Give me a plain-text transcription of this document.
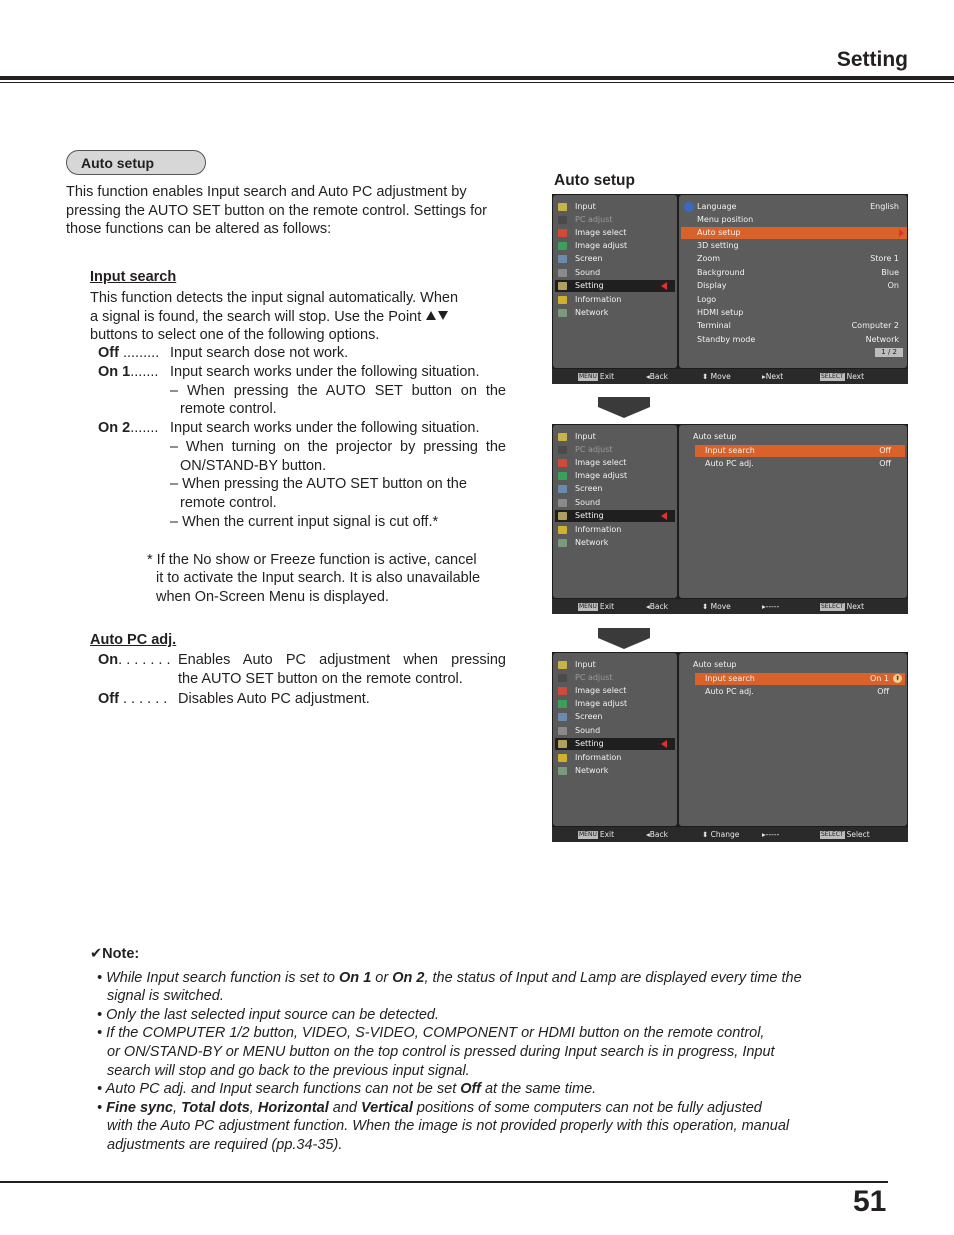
Setting
Auto setup
This function enables Input search and Auto PC adjustment by pressing the AUTO SET button on the remote control. Settings for those functions can be altered as follows:
Input search
This function detects the input signal automatically. When
a signal is found, the search will stop. Use the Point
buttons to select one of the following options.
Off ......... Input search dose not work.
On 1....... Input search works under the following situation.
– When pressing the AUTO SET button on the
remote control.
On 2....... Input search works under the following situation.
– When turning on the projector by pressing the
ON/STAND-BY button.
– When pressing the AUTO SET button on the
remote control.
– When the current input signal is cut off.*
* If the No show or Freeze function is active, cancel
it to activate the Input search. It is also unavailable
when On-Screen Menu is displayed.
Auto PC adj.
On. . . . . . . Enables Auto PC adjustment when pressing
the AUTO SET button on the remote control.
Off . . . . . . Disables Auto PC adjustment.
Auto setup
Input
PC adjust
Image select
Image adjust
Screen
Sound
Setting
Information
Network
Language	English
Menu position
Auto setup
3D setting
Zoom	Store 1
Background	Blue
Display	On
Logo
HDMI setup
Terminal	Computer 2
Standby mode	Network
1 / 2
MENU Exit	◂Back	⬍ Move	▸Next	SELECT Next
Input
PC adjust
Image select
Image adjust
Screen
Sound
Setting
Information
Network
Auto setup
Input search	Off
Auto PC adj.	Off
MENU Exit	◂Back	⬍ Move	▸-----	SELECT Next
Input
PC adjust
Image select
Image adjust
Screen
Sound
Setting
Information
Network
Auto setup
Input search	On 1 ⬍
Auto PC adj.	Off
MENU Exit	◂Back	⬍ Change	▸-----	SELECT Select
✔Note:
• While Input search function is set to On 1 or On 2, the status of Input and Lamp are displayed every time the
signal is switched.
• Only the last selected input source can be detected.
• If the COMPUTER 1/2 button, VIDEO, S-VIDEO, COMPONENT or HDMI button on the remote control,
or ON/STAND-BY or MENU button on the top control is pressed during Input search is in progress, Input
search will stop and go back to the previous input signal.
• Auto PC adj. and Input search functions can not be set Off at the same time.
• Fine sync, Total dots, Horizontal and Vertical positions of some computers can not be fully adjusted
with the Auto PC adjustment function. When the image is not provided properly with this operation, manual
adjustments are required (pp.34-35).
51
